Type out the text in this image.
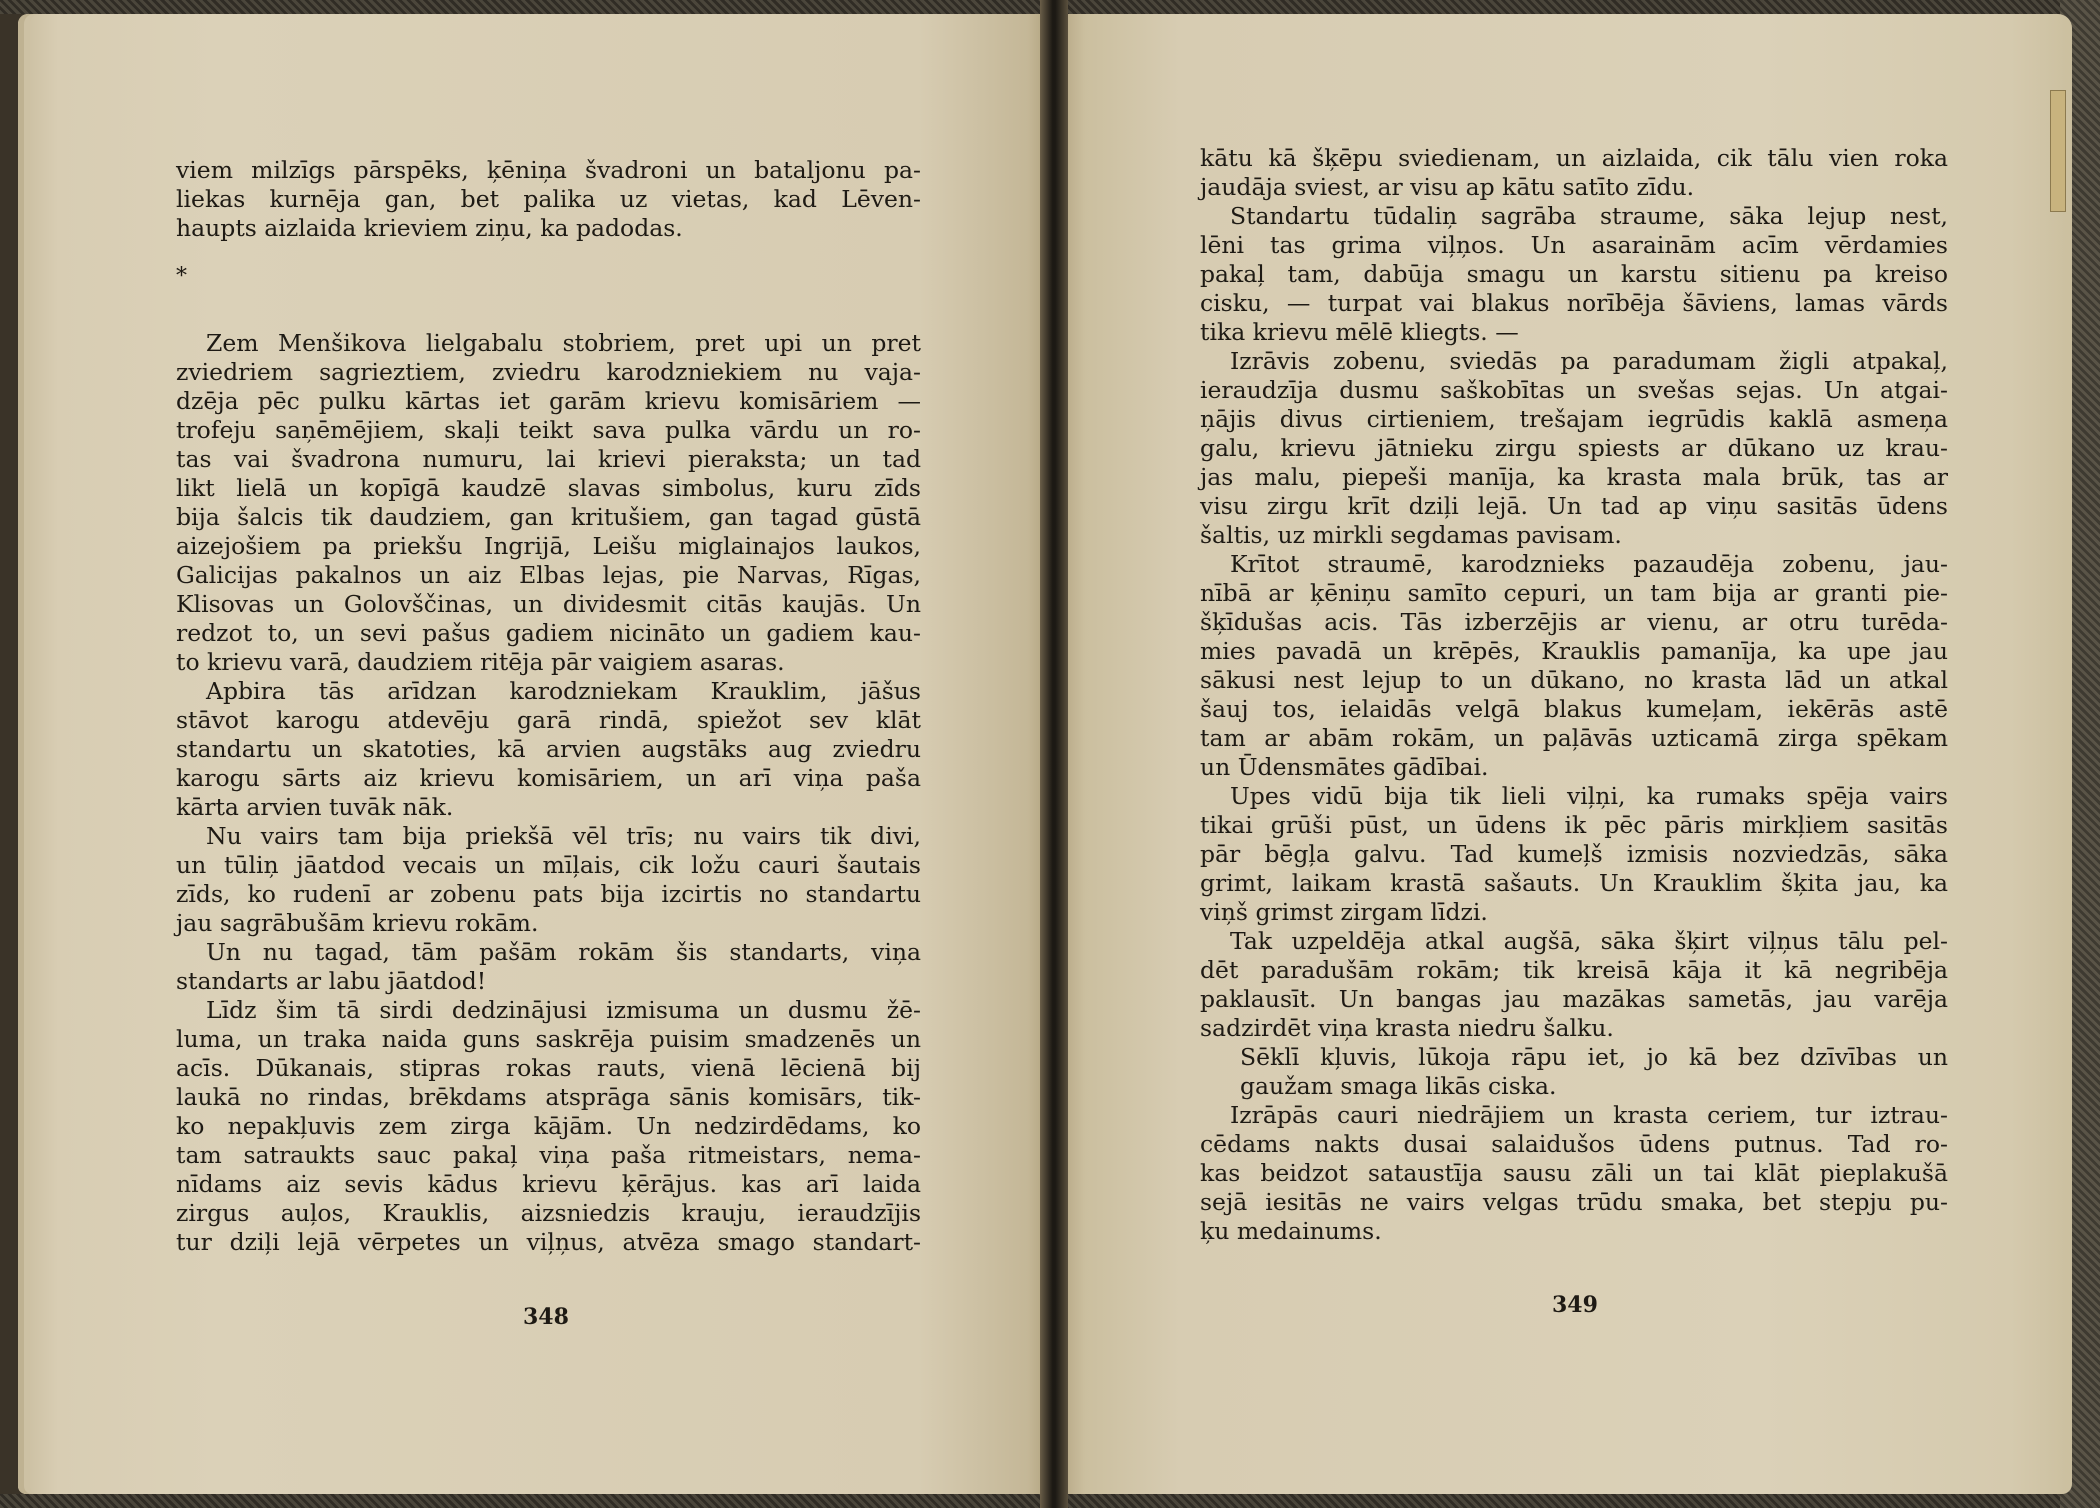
viem milzīgs pārspēks, ķēniņa švadroni un bataljonu pa-
liekas kurnēja gan, bet palika uz vietas, kad Lēven-
haupts aizlaida krieviem ziņu, ka padodas.
*
Zem Menšikova lielgabalu stobriem, pret upi un pret
zviedriem sagrieztiem, zviedru karodzniekiem nu vaja-
dzēja pēc pulku kārtas iet garām krievu komisāriem —
trofeju saņēmējiem, skaļi teikt sava pulka vārdu un ro-
tas vai švadrona numuru, lai krievi pieraksta; un tad
likt lielā un kopīgā kaudzē slavas simbolus, kuru zīds
bija šalcis tik daudziem, gan kritušiem, gan tagad gūstā
aizejošiem pa priekšu Ingrijā, Leišu miglainajos laukos,
Galicijas pakalnos un aiz Elbas lejas, pie Narvas, Rīgas,
Klisovas un Golovščinas, un dividesmit citās kaujās. Un
redzot to, un sevi pašus gadiem nicināto un gadiem kau-
to krievu varā, daudziem ritēja pār vaigiem asaras.
Apbira tās arīdzan karodzniekam Krauklim, jāšus
stāvot karogu atdevēju garā rindā, spiežot sev klāt
standartu un skatoties, kā arvien augstāks aug zviedru
karogu sārts aiz krievu komisāriem, un arī viņa paša
kārta arvien tuvāk nāk.
Nu vairs tam bija priekšā vēl trīs; nu vairs tik divi,
un tūliņ jāatdod vecais un mīļais, cik ložu cauri šautais
zīds, ko rudenī ar zobenu pats bija izcirtis no standartu
jau sagrābušām krievu rokām.
Un nu tagad, tām pašām rokām šis standarts, viņa
standarts ar labu jāatdod!
Līdz šim tā sirdi dedzinājusi izmisuma un dusmu žē-
luma, un traka naida guns saskrēja puisim smadzenēs un
acīs. Dūkanais, stipras rokas rauts, vienā lēcienā bij
laukā no rindas, brēkdams atsprāga sānis komisārs, tik-
ko nepakļuvis zem zirga kājām. Un nedzirdēdams, ko
tam satraukts sauc pakaļ viņa paša ritmeistars, nema-
nīdams aiz sevis kādus krievu ķērājus. kas arī laida
zirgus auļos, Krauklis, aizsniedzis krauju, ieraudzījis
tur dziļi lejā vērpetes un viļņus, atvēza smago standart-
348
kātu kā šķēpu sviedienam, un aizlaida, cik tālu vien roka
jaudāja sviest, ar visu ap kātu satīto zīdu.
Standartu tūdaliņ sagrāba straume, sāka lejup nest,
lēni tas grima viļņos. Un asarainām acīm vērdamies
pakaļ tam, dabūja smagu un karstu sitienu pa kreiso
cisku, — turpat vai blakus norībēja šāviens, lamas vārds
tika krievu mēlē kliegts. —
Izrāvis zobenu, sviedās pa paradumam žigli atpakaļ,
ieraudzīja dusmu saškobītas un svešas sejas. Un atgai-
ņājis divus cirtieniem, trešajam iegrūdis kaklā asmeņa
galu, krievu jātnieku zirgu spiests ar dūkano uz krau-
jas malu, piepeši manīja, ka krasta mala brūk, tas ar
visu zirgu krīt dziļi lejā. Un tad ap viņu sasitās ūdens
šaltis, uz mirkli segdamas pavisam.
Krītot straumē, karodznieks pazaudēja zobenu, jau-
nībā ar ķēniņu samīto cepuri, un tam bija ar granti pie-
šķīdušas acis. Tās izberzējis ar vienu, ar otru turēda-
mies pavadā un krēpēs, Krauklis pamanīja, ka upe jau
sākusi nest lejup to un dūkano, no krasta lād un atkal
šauj tos, ielaidās velgā blakus kumeļam, iekērās astē
tam ar abām rokām, un paļāvās uzticamā zirga spēkam
un Ūdensmātes gādībai.
Upes vidū bija tik lieli viļņi, ka rumaks spēja vairs
tikai grūši pūst, un ūdens ik pēc pāris mirkļiem sasitās
pār bēgļa galvu. Tad kumeļš izmisis nozviedzās, sāka
grimt, laikam krastā sašauts. Un Krauklim šķita jau, ka
viņš grimst zirgam līdzi.
Tak uzpeldēja atkal augšā, sāka šķirt viļņus tālu pel-
dēt paradušām rokām; tik kreisā kāja it kā negribēja
paklausīt. Un bangas jau mazākas sametās, jau varēja
sadzirdēt viņa krasta niedru šalku.
Sēklī kļuvis, lūkoja rāpu iet, jo kā bez dzīvības un
gaužam smaga likās ciska.
Izrāpās cauri niedrājiem un krasta ceriem, tur iztrau-
cēdams nakts dusai salaidušos ūdens putnus. Tad ro-
kas beidzot sataustīja sausu zāli un tai klāt pieplakušā
sejā iesitās ne vairs velgas trūdu smaka, bet stepju pu-
ķu medainums.
349
